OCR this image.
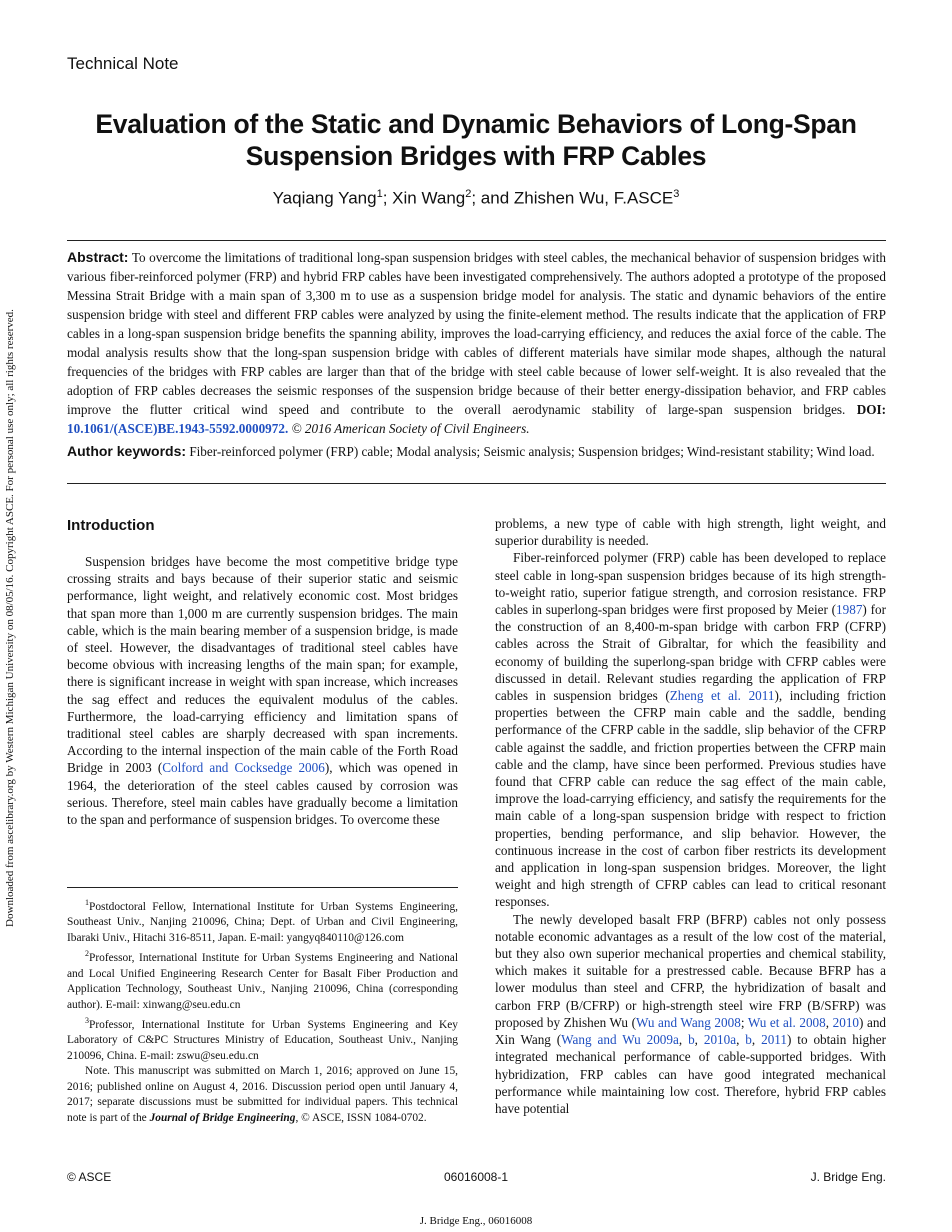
Downloaded from ascelibrary.org by Western Michigan University on 08/05/16. Copyright ASCE. For personal use only; all rights reserved.
Technical Note
Evaluation of the Static and Dynamic Behaviors of Long-Span Suspension Bridges with FRP Cables
Yaqiang Yang$^1$; Xin Wang$^2$; and Zhishen Wu, F.ASCE$^3$
Abstract: To overcome the limitations of traditional long-span suspension bridges with steel cables, the mechanical behavior of suspension bridges with various fiber-reinforced polymer (FRP) and hybrid FRP cables have been investigated comprehensively. The authors adopted a prototype of the proposed Messina Strait Bridge with a main span of 3,300 m to use as a suspension bridge model for analysis. The static and dynamic behaviors of the entire suspension bridge with steel and different FRP cables were analyzed by using the finite-element method. The results indicate that the application of FRP cables in a long-span suspension bridge benefits the spanning ability, improves the load-carrying efficiency, and reduces the axial force of the cable. The modal analysis results show that the long-span suspension bridge with cables of different materials have similar mode shapes, although the natural frequencies of the bridges with FRP cables are larger than that of the bridge with steel cable because of lower self-weight. It is also revealed that the adoption of FRP cables decreases the seismic responses of the suspension bridge because of their better energy-dissipation behavior, and FRP cables improve the flutter critical wind speed and contribute to the overall aerodynamic stability of large-span suspension bridges. DOI: 10.1061/(ASCE)BE.1943-5592.0000972. © 2016 American Society of Civil Engineers.
Author keywords: Fiber-reinforced polymer (FRP) cable; Modal analysis; Seismic analysis; Suspension bridges; Wind-resistant stability; Wind load.
Introduction

Suspension bridges have become the most competitive bridge type crossing straits and bays because of their superior static and seismic performance, light weight, and relatively economic cost. Most bridges that span more than 1,000 m are currently suspension bridges. The main cable, which is the main bearing member of a suspension bridge, is made of steel. However, the disadvantages of traditional steel cables have become obvious with increasing lengths of the main span; for example, there is significant increase in weight with span increase, which increases the sag effect and reduces the equivalent modulus of the cables. Furthermore, the load-carrying efficiency and limitation spans of traditional steel cables are sharply decreased with span increments. According to the internal inspection of the main cable of the Forth Road Bridge in 2003 (Colford and Cocksedge 2006), which was opened in 1964, the deterioration of the steel cables caused by corrosion was serious. Therefore, steel main cables have gradually become a limitation to the span and performance of suspension bridges. To overcome these

problems, a new type of cable with high strength, light weight, and superior durability is needed.

Fiber-reinforced polymer (FRP) cable has been developed to replace steel cable in long-span suspension bridges because of its high strength-to-weight ratio, superior fatigue strength, and corrosion resistance. FRP cables in superlong-span bridges were first proposed by Meier (1987) for the construction of an 8,400-m-span bridge with carbon FRP (CFRP) cables across the Strait of Gibraltar, for which the feasibility and economy of building the superlong-span bridge with CFRP cables were discussed in detail. Relevant studies regarding the application of FRP cables in suspension bridges (Zheng et al. 2011), including friction properties between the CFRP main cable and the saddle, bending performance of the CFRP cable in the saddle, slip behavior of the CFRP cable against the saddle, and friction properties between the CFRP main cable and the clamp, have since been performed. Previous studies have found that CFRP cable can reduce the sag effect of the main cable, improve the load-carrying efficiency, and satisfy the requirements for the main cable of a long-span suspension bridge with respect to friction properties, bending performance, and slip behavior. However, the continuous increase in the cost of carbon fiber restricts its development and application in long-span suspension bridges. Moreover, the light weight and high strength of CFRP cables can lead to critical resonant responses.

The newly developed basalt FRP (BFRP) cables not only possess notable economic advantages as a result of the low cost of the material, but they also own superior mechanical properties and chemical stability, which makes it suitable for a prestressed cable. Because BFRP has a lower modulus than steel and CFRP, the hybridization of basalt and carbon FRP (B/CFRP) or high-strength steel wire FRP (B/SFRP) was proposed by Zhishen Wu (Wu and Wang 2008; Wu et al. 2008, 2010) and Xin Wang (Wang and Wu 2009a, b, 2010a, b, 2011) to obtain higher integrated mechanical performance of cable-supported bridges. With hybridization, FRP cables can have good integrated mechanical performance while maintaining low cost. Therefore, hybrid FRP cables have potential

$^1$Postdoctoral Fellow, International Institute for Urban Systems Engineering, Southeast Univ., Nanjing 210096, China; Dept. of Urban and Civil Engineering, Ibaraki Univ., Hitachi 316-8511, Japan. E-mail: yangyq840110@126.com

$^2$Professor, International Institute for Urban Systems Engineering and National and Local Unified Engineering Research Center for Basalt Fiber Production and Application Technology, Southeast Univ., Nanjing 210096, China (corresponding author). E-mail: xinwang@seu.edu.cn

$^3$Professor, International Institute for Urban Systems Engineering and Key Laboratory of C&PC Structures Ministry of Education, Southeast Univ., Nanjing 210096, China. E-mail: zswu@seu.edu.cn

Note. This manuscript was submitted on March 1, 2016; approved on June 15, 2016; published online on August 4, 2016. Discussion period open until January 4, 2017; separate discussions must be submitted for individual papers. This technical note is part of the Journal of Bridge Engineering, © ASCE, ISSN 1084-0702.

© ASCE	06016008-1	J. Bridge Eng.
J. Bridge Eng., 06016008
